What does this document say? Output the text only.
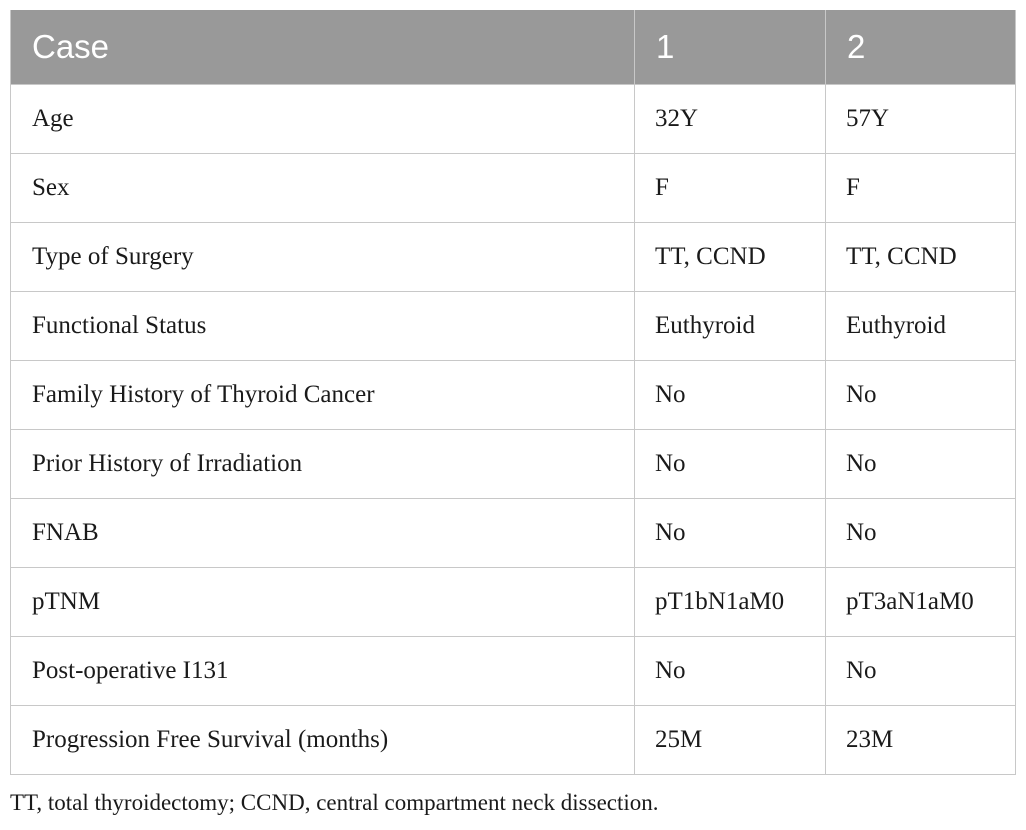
Case	1	2
Age	32Y	57Y
Sex	F	F
Type of Surgery	TT, CCND	TT, CCND
Functional Status	Euthyroid	Euthyroid
Family History of Thyroid Cancer	No	No
Prior History of Irradiation	No	No
FNAB	No	No
pTNM	pT1bN1aM0	pT3aN1aM0
Post-operative I131	No	No
Progression Free Survival (months)	25M	23M
TT, total thyroidectomy; CCND, central compartment neck dissection.
